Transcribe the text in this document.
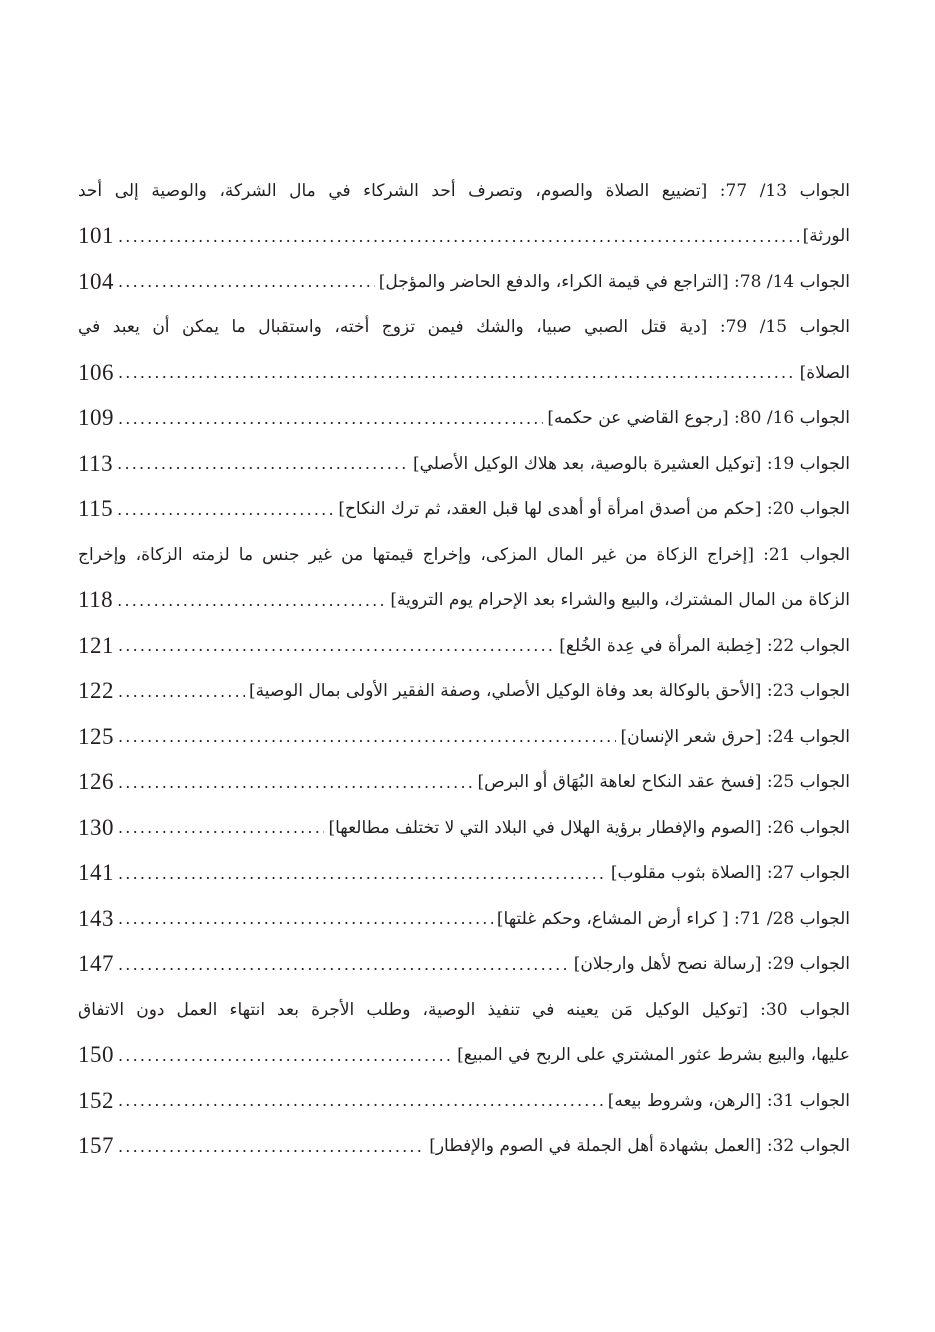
الجواب 13/ 77: [تضييع الصلاة والصوم، وتصرف أحد الشركاء في مال الشركة، والوصية إلى أحد
101 .....	الورثة]
104 .....	الجواب 14/ 78: [التراجع في قيمة الكراء، والدفع الحاضر والمؤجل]
الجواب 15/ 79: [دية قتل الصبي صبيا، والشك فيمن تزوج أخته، واستقبال ما يمكن أن يعبد في
106 .....	الصلاة]
109 .....	الجواب 16/ 80: [رجوع القاضي عن حكمه]
113 .....	الجواب 19: [توكيل العشيرة بالوصية، بعد هلاك الوكيل الأصلي]
115 .....	الجواب 20: [حكم من أصدق امرأة أو أهدى لها قبل العقد، ثم ترك النكاح]
الجواب 21: [إخراج الزكاة من غير المال المزكى، وإخراج قيمتها من غير جنس ما لزمته الزكاة، وإخراج
118 .....	الزكاة من المال المشترك، والبيع والشراء بعد الإحرام يوم التروية]
121 .....	الجواب 22: [خِطبة المرأة في عِدة الخُلع]
122 .....	الجواب 23: [الأحق بالوكالة بعد وفاة الوكيل الأصلي، وصفة الفقير الأولى بمال الوصية]
125 .....	الجواب 24: [حرق شعر الإنسان]
126 .....	الجواب 25: [فسخ عقد النكاح لعاهة البُهَاق أو البرص]
130 .....	الجواب 26: [الصوم والإفطار برؤية الهلال في البلاد التي لا تختلف مطالعها]
141 .....	الجواب 27: [الصلاة بثوب مقلوب]
143 .....	الجواب 28/ 71: [ كراء أرض المشاع، وحكم غلتها]
147 .....	الجواب 29: [رسالة نصح لأهل وارجلان]
الجواب 30: [توكيل الوكيل مَن يعينه في تنفيذ الوصية، وطلب الأجرة بعد انتهاء العمل دون الاتفاق
150 .....	عليها، والبيع بشرط عثور المشتري على الربح في المبيع]
152 .....	الجواب 31: [الرهن، وشروط بيعه]
157 .....	الجواب 32: [العمل بشهادة أهل الجملة في الصوم والإفطار]
